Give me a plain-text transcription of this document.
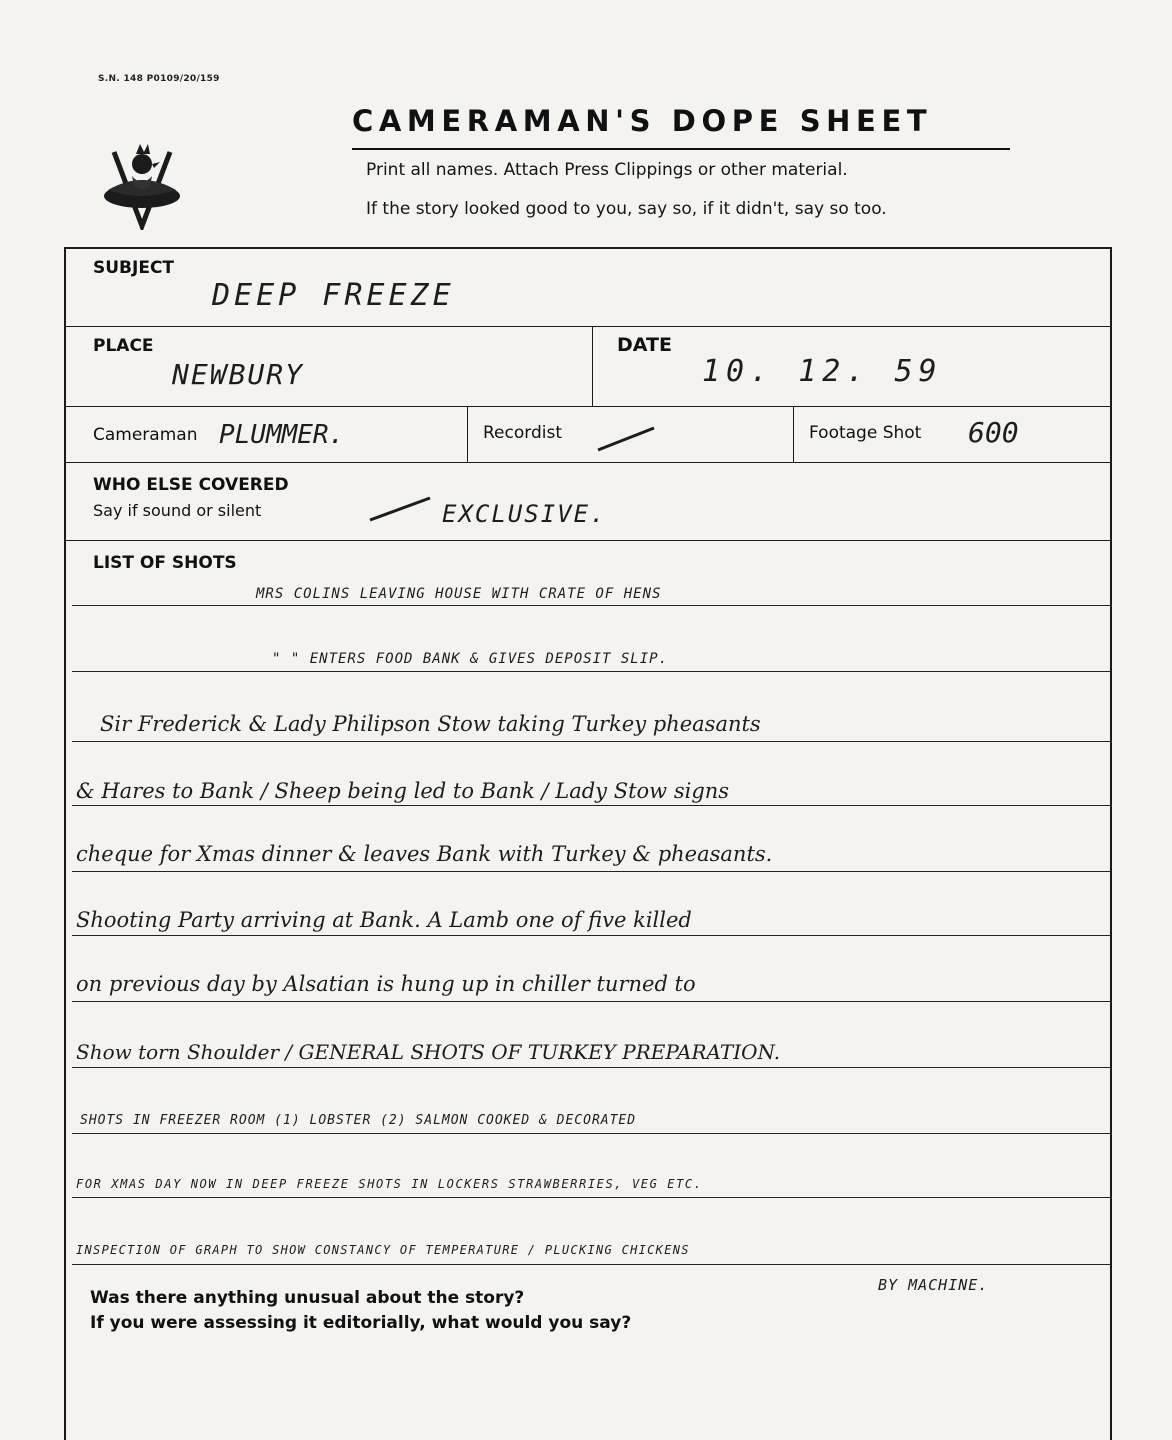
S.N. 148 P0109/20/159
CAMERAMAN'S DOPE SHEET
Print all names. Attach Press Clippings or other material.
If the story looked good to you, say so, if it didn't, say so too.
SUBJECT
DEEP FREEZE
PLACE
NEWBURY
DATE
10. 12. 59
Cameraman PLUMMER.	Recordist	Footage Shot 600
WHO ELSE COVERED
Say if sound or silent	EXCLUSIVE.
LIST OF SHOTS
MRS COLINS LEAVING HOUSE WITH CRATE OF HENS
" " ENTERS FOOD BANK & GIVES DEPOSIT SLIP.
Sir Frederick & Lady Philipson Stow taking Turkey pheasants
& Hares to Bank / Sheep being led to Bank / Lady Stow signs
cheque for Xmas dinner & leaves Bank with Turkey & pheasants.
Shooting Party arriving at Bank. A Lamb one of five killed
on previous day by Alsatian is hung up in chiller turned to
Show torn Shoulder / GENERAL SHOTS OF TURKEY PREPARATION.
SHOTS IN FREEZER ROOM (1) LOBSTER (2) SALMON COOKED & DECORATED
FOR XMAS DAY NOW IN DEEP FREEZE SHOTS IN LOCKERS STRAWBERRIES, VEG ETC.
INSPECTION OF GRAPH TO SHOW CONSTANCY OF TEMPERATURE / PLUCKING CHICKENS
BY MACHINE.
Was there anything unusual about the story?
If you were assessing it editorially, what would you say?
